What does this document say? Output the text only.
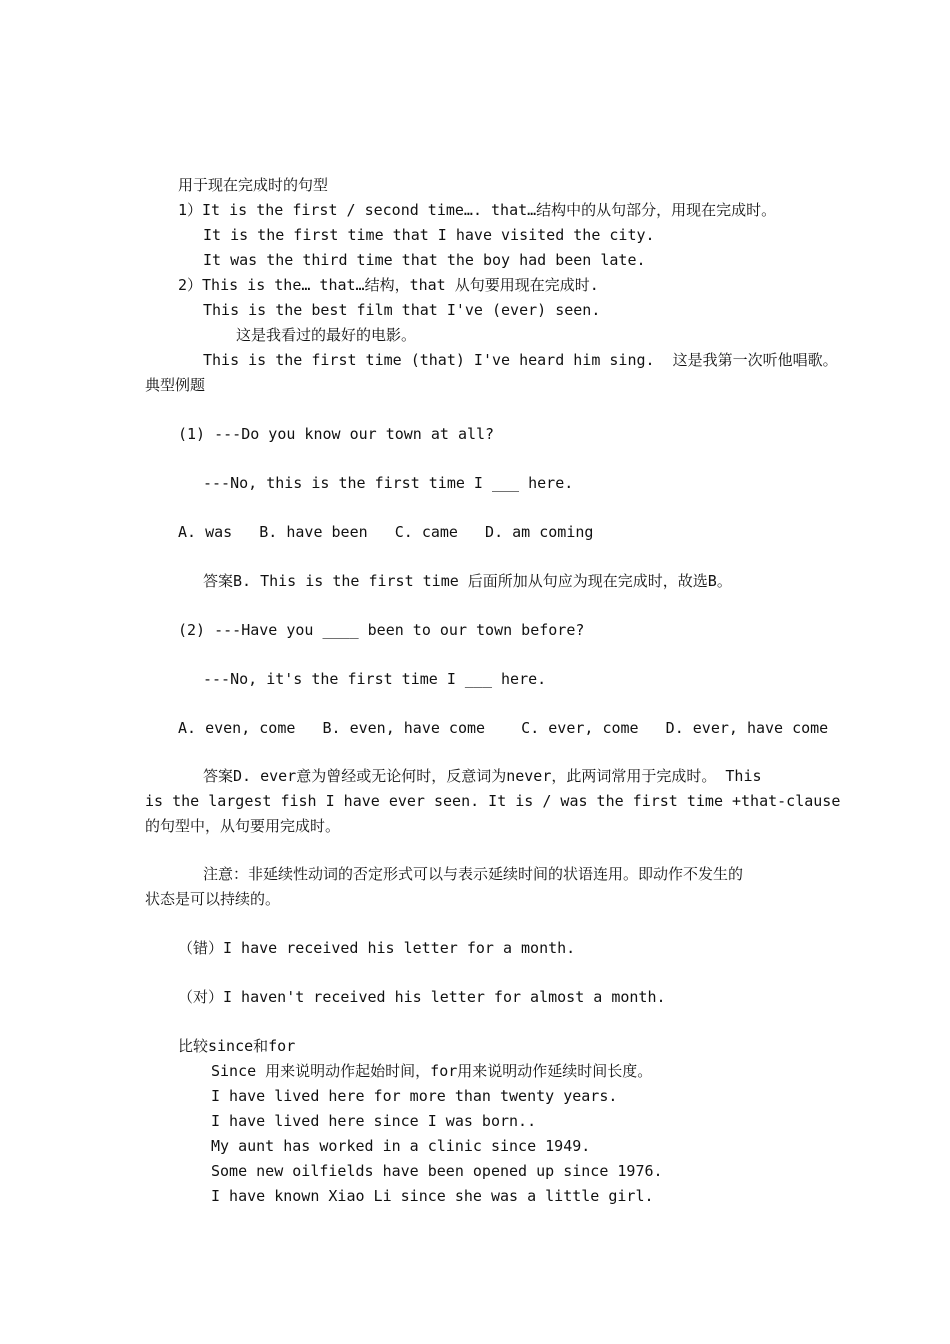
用于现在完成时的句型
1）It is the first / second time…. that…结构中的从句部分，用现在完成时。
It is the first time that I have visited the city.
It was the third time that the boy had been late.
2）This is the… that…结构，that 从句要用现在完成时.
This is the best film that I've (ever) seen.
这是我看过的最好的电影。
This is the first time (that) I've heard him sing.  这是我第一次听他唱歌。
典型例题
(1) ---Do you know our town at all?
---No, this is the first time I ___ here.
A. was   B. have been   C. came   D. am coming
答案B. This is the first time 后面所加从句应为现在完成时，故选B。
(2) ---Have you ____ been to our town before?
---No, it's the first time I ___ here.
A. even, come   B. even, have come    C. ever, come   D. ever, have come
答案D. ever意为曾经或无论何时，反意词为never，此两词常用于完成时。 This
is the largest fish I have ever seen. It is / was the first time +that-clause
的句型中，从句要用完成时。
注意：非延续性动词的否定形式可以与表示延续时间的状语连用。即动作不发生的
状态是可以持续的。
（错）I have received his letter for a month.
（对）I haven't received his letter for almost a month.
比较since和for
Since 用来说明动作起始时间，for用来说明动作延续时间长度。
I have lived here for more than twenty years.
I have lived here since I was born..
My aunt has worked in a clinic since 1949.
Some new oilfields have been opened up since 1976.
I have known Xiao Li since she was a little girl.
